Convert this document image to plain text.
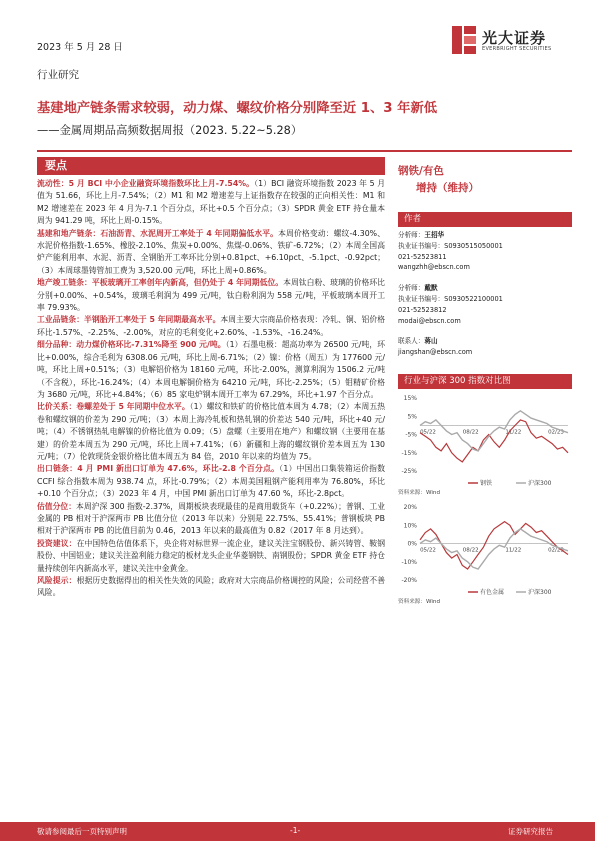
2023 年 5 月 28 日
光大证券
EVERBRIGHT SECURITIES
行业研究
基建地产链条需求较弱，动力煤、螺纹价格分别降至近 1、3 年新低
——金属周期品高频数据周报（2023. 5.22~5.28）
要点

流动性：5 月 BCI 中小企业融资环境指数环比上月-7.54%。（1）BCI 融资环境指数 2023 年 5 月值为 51.66，环比上月-7.54%；（2）M1 和 M2 增速差与上证指数存在较强的正向相关性：M1 和 M2 增速差在 2023 年 4 月为-7.1 个百分点，环比+0.5 个百分点；（3）SPDR 黄金 ETF 持仓量本周为 941.29 吨，环比上周-0.15%。

基建和地产链条：石油沥青、水泥周开工率处于 4 年同期偏低水平。本周价格变动：螺纹-4.30%、水泥价格指数-1.65%、橡胶-2.10%、焦炭+0.00%、焦煤-0.06%、铁矿-6.72%；（2）本周全国高炉产能利用率、水泥、沥青、全钢胎开工率环比分别+0.81pct、+6.10pct、-5.1pct、-0.92pct；（3）本周球墨铸管加工费为 3,520.00 元/吨，环比上周+0.86%。

地产竣工链条：平板玻璃开工率创年内新高，但仍处于 4 年同期低位。本周钛白粉、玻璃的价格环比分别+0.00%、+0.54%，玻璃毛利润为 499 元/吨，钛白粉利润为 558 元/吨，平板玻璃本周开工率 79.93%。

工业品链条：半钢胎开工率处于 5 年同期最高水平。本周主要大宗商品价格表现：冷轧、铜、铝价格环比-1.57%、-2.25%、-2.00%，对应的毛利变化+2.60%、-1.53%、-16.24%。

细分品种：动力煤价格环比-7.31%降至 900 元/吨。（1）石墨电极：超高功率为 26500 元/吨，环比+0.00%，综合毛利为 6308.06 元/吨，环比上周-6.71%；（2）镍：价格（周五）为 177600 元/吨，环比上周+0.51%；（3）电解铝价格为 18160 元/吨，环比-2.00%，测算利润为 1506.2 元/吨（不含税），环比-16.24%；（4）本周电解铜价格为 64210 元/吨，环比-2.25%；（5）钼精矿价格为 3680 元/吨，环比+4.84%；（6）85 家电炉钢本周开工率为 67.29%，环比+1.97 个百分点。

比价关系：卷螺差处于 5 年同期中位水平。（1）螺纹和铁矿的价格比值本周为 4.78；（2）本周五热卷和螺纹钢的价差为 290 元/吨；（3）本周上海冷轧板和热轧钢的价差达 540 元/吨，环比+40 元/吨；（4）不锈钢热轧电解镍的价格比值为 0.09；（5）盘螺（主要用在地产）和螺纹钢（主要用在基建）的价差本周五为 290 元/吨，环比上周+7.41%；（6）新疆和上海的螺纹钢价差本周五为 130 元/吨；（7）伦敦现货金银价格比值本周五为 84 倍，2010 年以来的均值为 75。

出口链条：4 月 PMI 新出口订单为 47.6%，环比-2.8 个百分点。（1）中国出口集装箱运价指数 CCFI 综合指数本周为 938.74 点，环比-0.79%；（2）本周美国粗钢产能利用率为 76.80%，环比+0.10 个百分点；（3）2023 年 4 月，中国 PMI 新出口订单为 47.60 %，环比-2.8pct。

估值分位：本周沪深 300 指数-2.37%，周期板块表现最佳的是商用载货车（+0.22%）；普钢、工业金属的 PB 相对于沪深两市 PB 比值分位（2013 年以来）分别是 22.75%、55.41%；普钢板块 PB 相对于沪深两市 PB 的比值目前为 0.46，2013 年以来的最高值为 0.82（2017 年 8 月达到）。

投资建议：在中国特色估值体系下，央企将对标世界一流企业，建议关注宝钢股份、新兴铸管、鞍钢股份、中国铝业；建议关注盈利能力稳定的板材龙头企业华菱钢铁、南钢股份；SPDR 黄金 ETF 持仓量持续创年内新高水平，建议关注中金黄金。

风险提示：根据历史数据得出的相关性失效的风险；政府对大宗商品价格调控的风险；公司经营不善风险。

钢铁/有色
增持（维持）
作者
分析师：王招华
执业证书编号：S0930515050001
021-52523811
wangzhh@ebscn.com
分析师：戴默
执业证书编号：S0930522100001
021-52523812
modai@ebscn.com
联系人：蒋山
jiangshan@ebscn.com
行业与沪深 300 指数对比图
15%
5%
-5%
-15%
-25%
05/22	08/22	11/22	02/23
钢铁	沪深300
资料来源：Wind
20%
10%
0%
-10%
-20%
05/22	08/22	11/22	02/23
有色金属	沪深300
资料来源：Wind
敬请参阅最后一页特别声明	-1-	证券研究报告
